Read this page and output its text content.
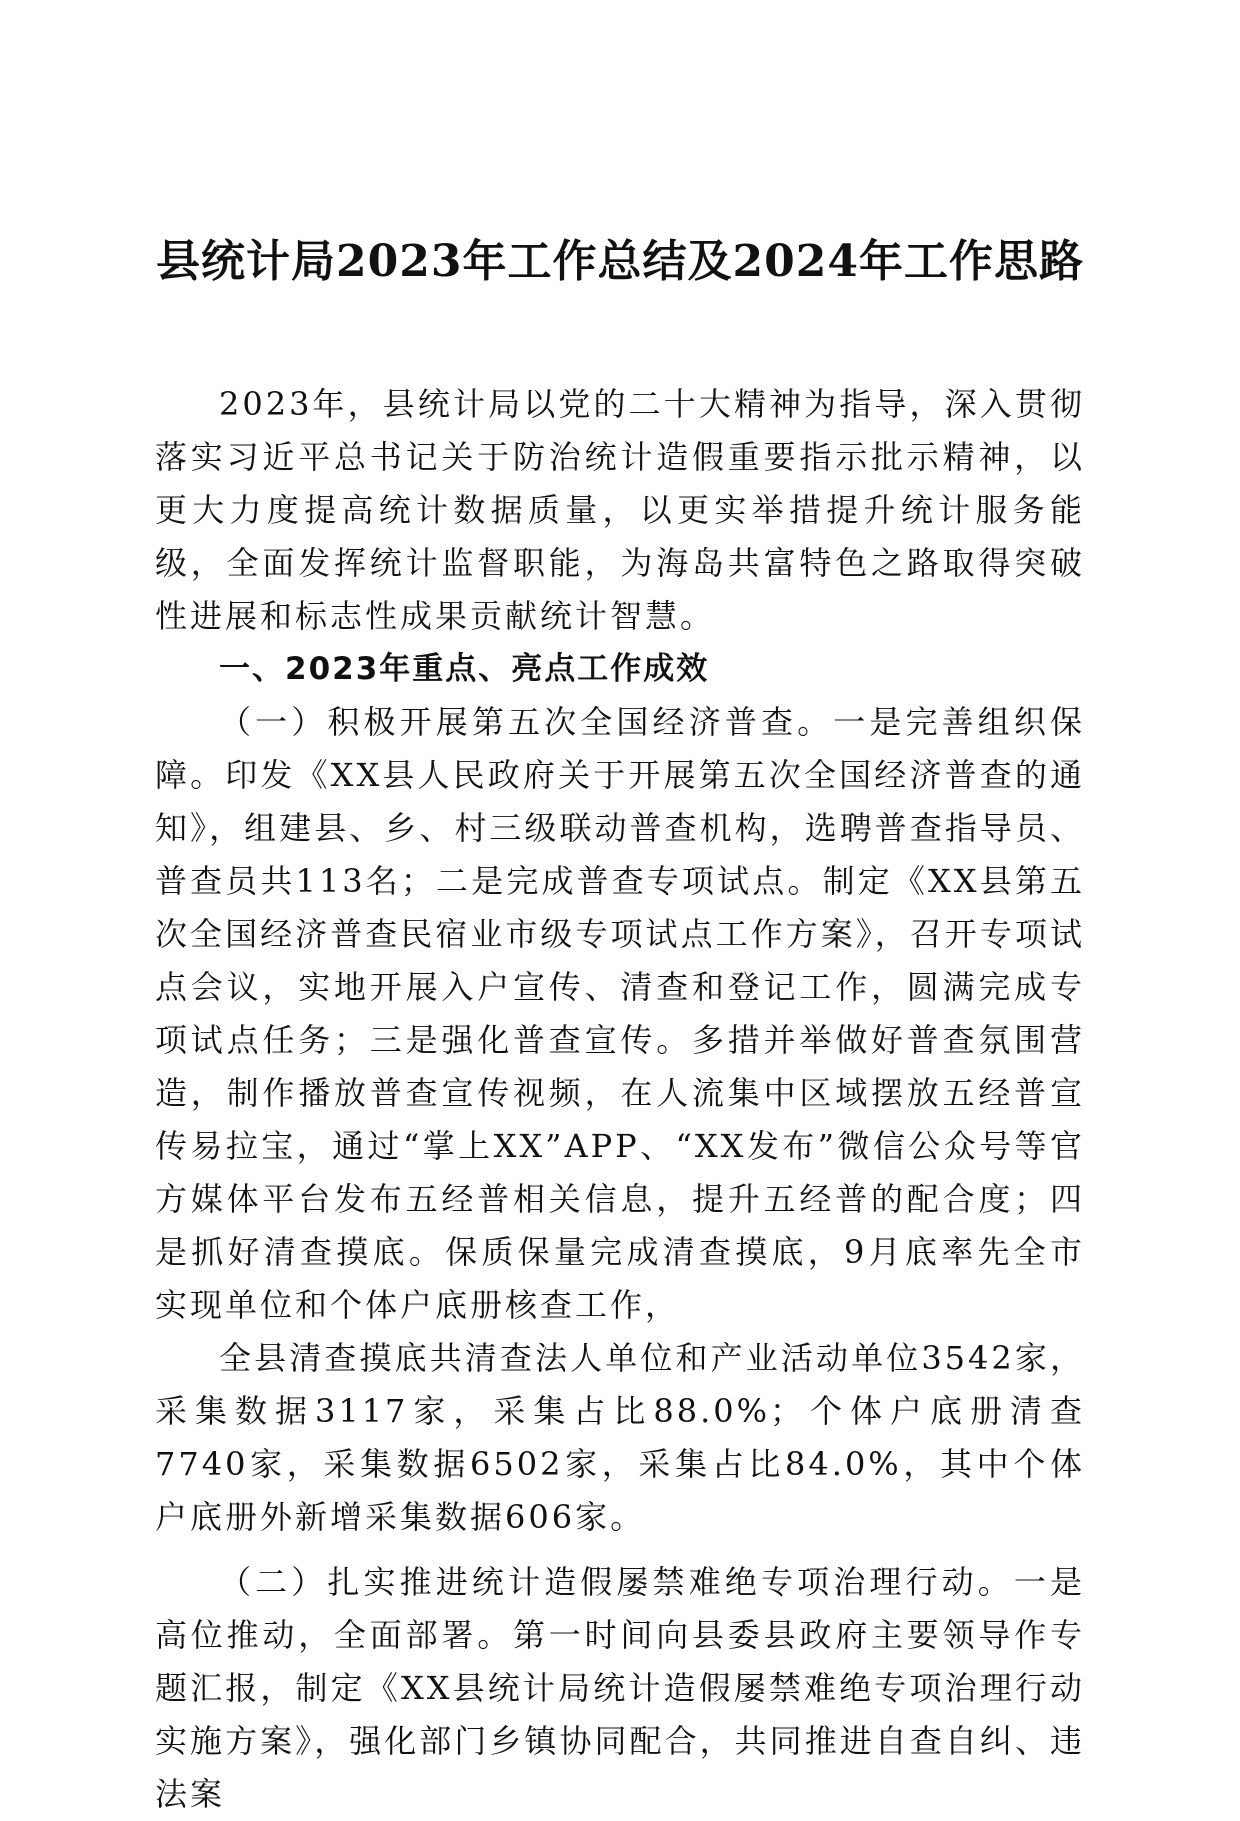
县统计局2023年工作总结及2024年工作思路

2023年，县统计局以党的二十大精神为指导，深入贯彻落实习近平总书记关于防治统计造假重要指示批示精神，以更大力度提高统计数据质量，以更实举措提升统计服务能级，全面发挥统计监督职能，为海岛共富特色之路取得突破性进展和标志性成果贡献统计智慧。

一、2023年重点、亮点工作成效

（一）积极开展第五次全国经济普查。一是完善组织保障。印发《XX县人民政府关于开展第五次全国经济普查的通知》，组建县、乡、村三级联动普查机构，选聘普查指导员、普查员共113名；二是完成普查专项试点。制定《XX县第五次全国经济普查民宿业市级专项试点工作方案》，召开专项试点会议，实地开展入户宣传、清查和登记工作，圆满完成专项试点任务；三是强化普查宣传。多措并举做好普查氛围营造，制作播放普查宣传视频，在人流集中区域摆放五经普宣传易拉宝，通过“掌上XX”APP、“XX发布”微信公众号等官方媒体平台发布五经普相关信息，提升五经普的配合度；四是抓好清查摸底。保质保量完成清查摸底，9月底率先全市实现单位和个体户底册核查工作，

全县清查摸底共清查法人单位和产业活动单位3542家，采集数据3117家，采集占比88.0%；个体户底册清查7740家，采集数据6502家，采集占比84.0%，其中个体户底册外新增采集数据606家。

（二）扎实推进统计造假屡禁难绝专项治理行动。一是高位推动，全面部署。第一时间向县委县政府主要领导作专题汇报，制定《XX县统计局统计造假屡禁难绝专项治理行动实施方案》，强化部门乡镇协同配合，共同推进自查自纠、违法案
